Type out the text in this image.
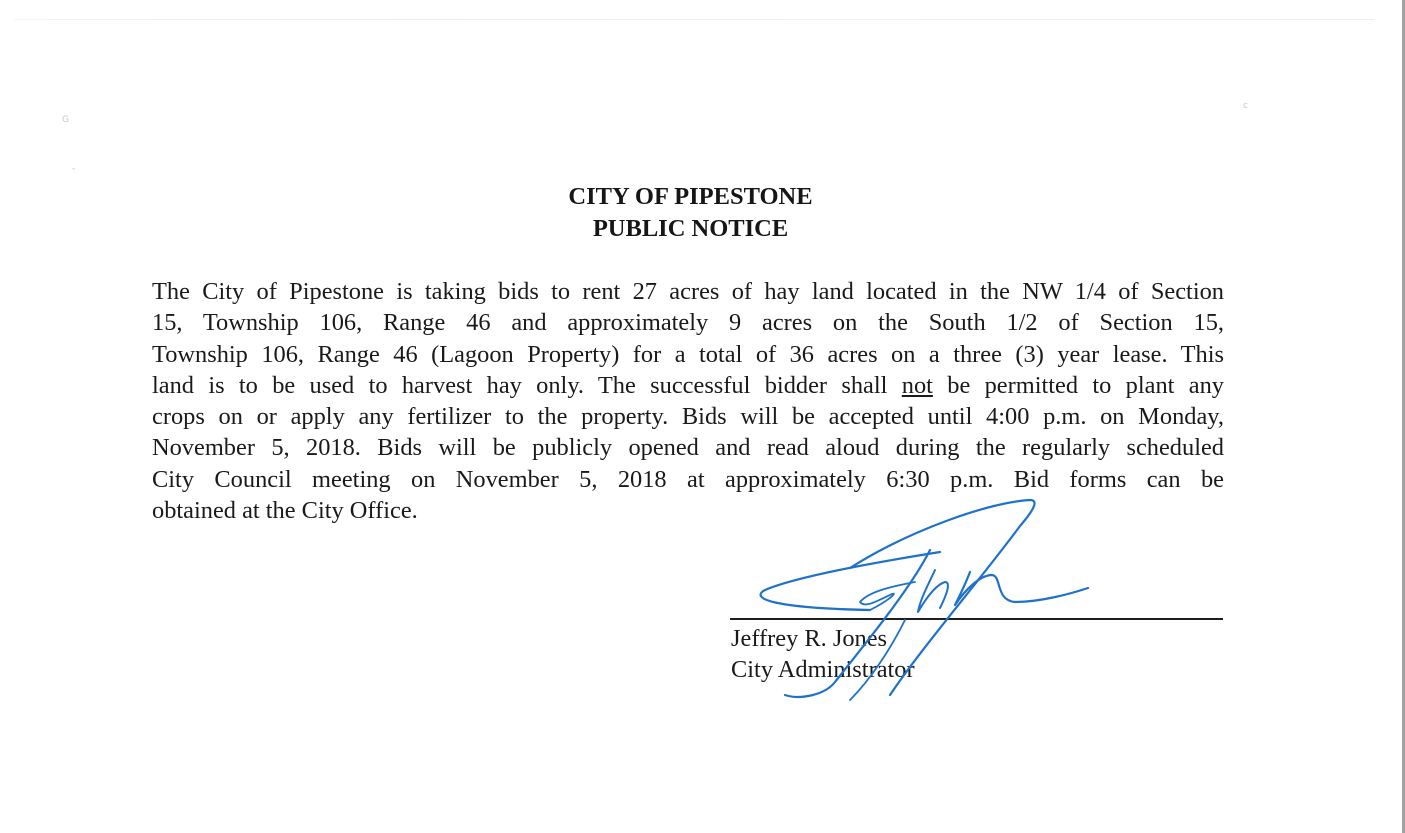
G
-
c
CITY OF PIPESTONE
PUBLIC NOTICE
The City of Pipestone is taking bids to rent 27 acres of hay land located in the NW 1/4 of Section
15, Township 106, Range 46 and approximately 9 acres on the South 1/2 of Section 15,
Township 106, Range 46 (Lagoon Property) for a total of 36 acres on a three (3) year lease. This
land is to be used to harvest hay only. The successful bidder shall not be permitted to plant any
crops on or apply any fertilizer to the property. Bids will be accepted until 4:00 p.m. on Monday,
November 5, 2018. Bids will be publicly opened and read aloud during the regularly scheduled
City Council meeting on November 5, 2018 at approximately 6:30 p.m. Bid forms can be
obtained at the City Office.
Jeffrey R. Jones
City Administrator
